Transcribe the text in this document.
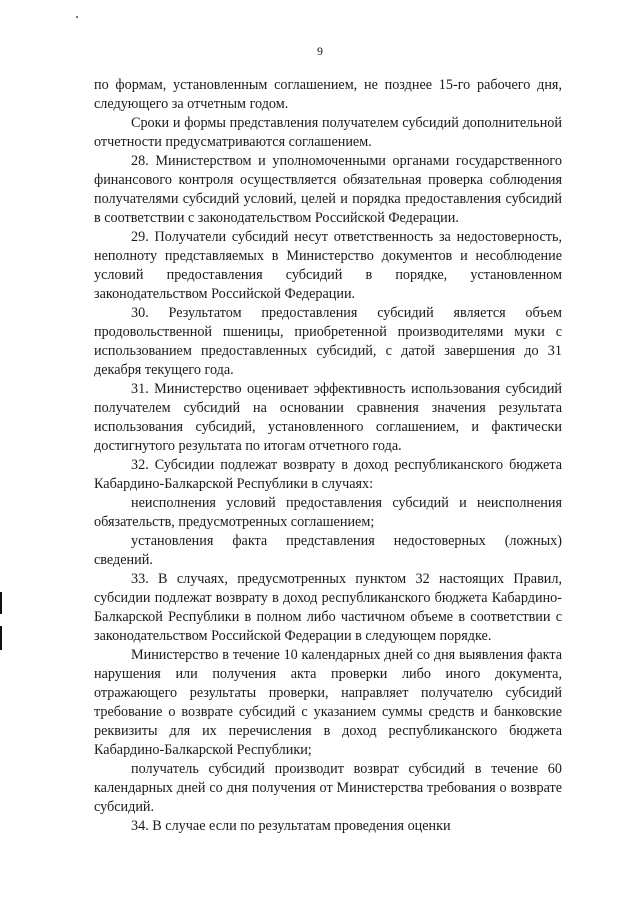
9

по формам, установленным соглашением, не позднее 15-го рабочего дня, следующего за отчетным годом.

Сроки и формы представления получателем субсидий дополнительной отчетности предусматриваются соглашением.

28. Министерством и уполномоченными органами государственного финансового контроля осуществляется обязательная проверка соблюдения получателями субсидий условий, целей и порядка предоставления субсидий в соответствии с законодательством Российской Федерации.

29. Получатели субсидий несут ответственность за недостоверность, неполноту представляемых в Министерство документов и несоблюдение условий предоставления субсидий в порядке, установленном законодательством Российской Федерации.

30. Результатом предоставления субсидий является объем продовольственной пшеницы, приобретенной производителями муки с использованием предоставленных субсидий, с датой завершения до 31 декабря текущего года.

31. Министерство оценивает эффективность использования субсидий получателем субсидий на основании сравнения значения результата использования субсидий, установленного соглашением, и фактически достигнутого результата по итогам отчетного года.

32. Субсидии подлежат возврату в доход республиканского бюджета Кабардино-Балкарской Республики в случаях:

неисполнения условий предоставления субсидий и неисполнения обязательств, предусмотренных соглашением;

установления факта представления недостоверных (ложных) сведений.

33. В случаях, предусмотренных пунктом 32 настоящих Правил, субсидии подлежат возврату в доход республиканского бюджета Кабардино-Балкарской Республики в полном либо частичном объеме в соответствии с законодательством Российской Федерации в следующем порядке.

Министерство в течение 10 календарных дней со дня выявления факта нарушения или получения акта проверки либо иного документа, отражающего результаты проверки, направляет получателю субсидий требование о возврате субсидий с указанием суммы средств и банковские реквизиты для их перечисления в доход республиканского бюджета Кабардино-Балкарской Республики;

получатель субсидий производит возврат субсидий в течение 60 календарных дней со дня получения от Министерства требования о возврате субсидий.

34. В случае если по результатам проведения оценки
